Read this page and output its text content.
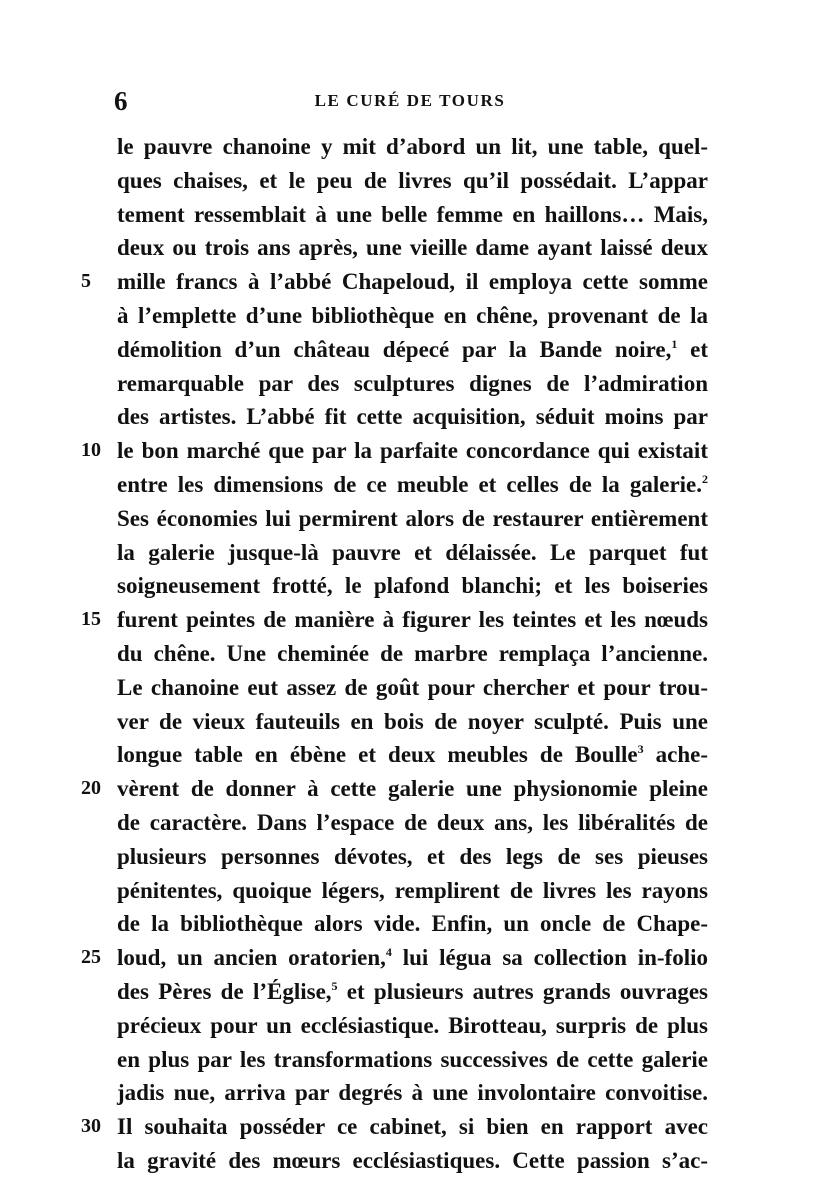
6	LE CURÉ DE TOURS
le pauvre chanoine y mit d’abord un lit, une table, quel-
ques chaises, et le peu de livres qu’il possédait. L’appar
tement ressemblait à une belle femme en haillons… Mais,
deux ou trois ans après, une vieille dame ayant laissé deux
5	mille francs à l’abbé Chapeloud, il employa cette somme
à l’emplette d’une bibliothèque en chêne, provenant de la
démolition d’un château dépecé par la Bande noire,$^1$ et
remarquable par des sculptures dignes de l’admiration
des artistes. L’abbé fit cette acquisition, séduit moins par
10 le bon marché que par la parfaite concordance qui existait
entre les dimensions de ce meuble et celles de la galerie.$^2$
Ses économies lui permirent alors de restaurer entièrement
la galerie jusque-là pauvre et délaissée. Le parquet fut
soigneusement frotté, le plafond blanchi; et les boiseries
15 furent peintes de manière à figurer les teintes et les nœuds
du chêne. Une cheminée de marbre remplaça l’ancienne.
Le chanoine eut assez de goût pour chercher et pour trou-
ver de vieux fauteuils en bois de noyer sculpté. Puis une
longue table en ébène et deux meubles de Boulle$^3$ ache-
20 vèrent de donner à cette galerie une physionomie pleine
de caractère. Dans l’espace de deux ans, les libéralités de
plusieurs personnes dévotes, et des legs de ses pieuses
pénitentes, quoique légers, remplirent de livres les rayons
de la bibliothèque alors vide. Enfin, un oncle de Chape-
25 loud, un ancien oratorien,$^4$ lui légua sa collection in-folio
des Pères de l’Église,$^5$ et plusieurs autres grands ouvrages
précieux pour un ecclésiastique. Birotteau, surpris de plus
en plus par les transformations successives de cette galerie
jadis nue, arriva par degrés à une involontaire convoitise.
30 Il souhaita posséder ce cabinet, si bien en rapport avec
la gravité des mœurs ecclésiastiques. Cette passion s’ac-
